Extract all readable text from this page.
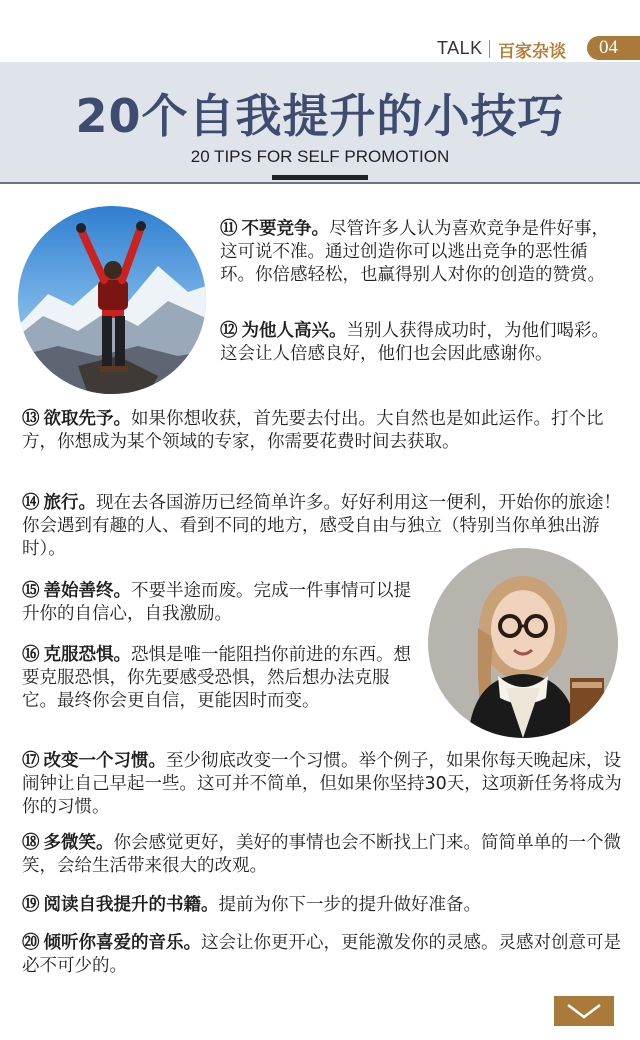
TALK 百家杂谈 04
20个自我提升的小技巧
20 TIPS FOR SELF PROMOTION

⑪ 不要竞争。尽管许多人认为喜欢竞争是件好事，这可说不准。通过创造你可以逃出竞争的恶性循环。你倍感轻松，也赢得别人对你的创造的赞赏。

⑫ 为他人高兴。当别人获得成功时，为他们喝彩。这会让人倍感良好，他们也会因此感谢你。

⑬ 欲取先予。如果你想收获，首先要去付出。大自然也是如此运作。打个比方，你想成为某个领域的专家，你需要花费时间去获取。

⑭ 旅行。现在去各国游历已经简单许多。好好利用这一便利，开始你的旅途！你会遇到有趣的人、看到不同的地方，感受自由与独立（特别当你单独出游时）。

⑮ 善始善终。不要半途而废。完成一件事情可以提升你的自信心，自我激励。

⑯ 克服恐惧。恐惧是唯一能阻挡你前进的东西。想要克服恐惧，你先要感受恐惧，然后想办法克服它。最终你会更自信，更能因时而变。

⑰ 改变一个习惯。至少彻底改变一个习惯。举个例子，如果你每天晚起床，设闹钟让自己早起一些。这可并不简单，但如果你坚持30天，这项新任务将成为你的习惯。

⑱ 多微笑。你会感觉更好，美好的事情也会不断找上门来。简简单单的一个微笑，会给生活带来很大的改观。

⑲ 阅读自我提升的书籍。提前为你下一步的提升做好准备。

⑳ 倾听你喜爱的音乐。这会让你更开心，更能激发你的灵感。灵感对创意可是必不可少的。
